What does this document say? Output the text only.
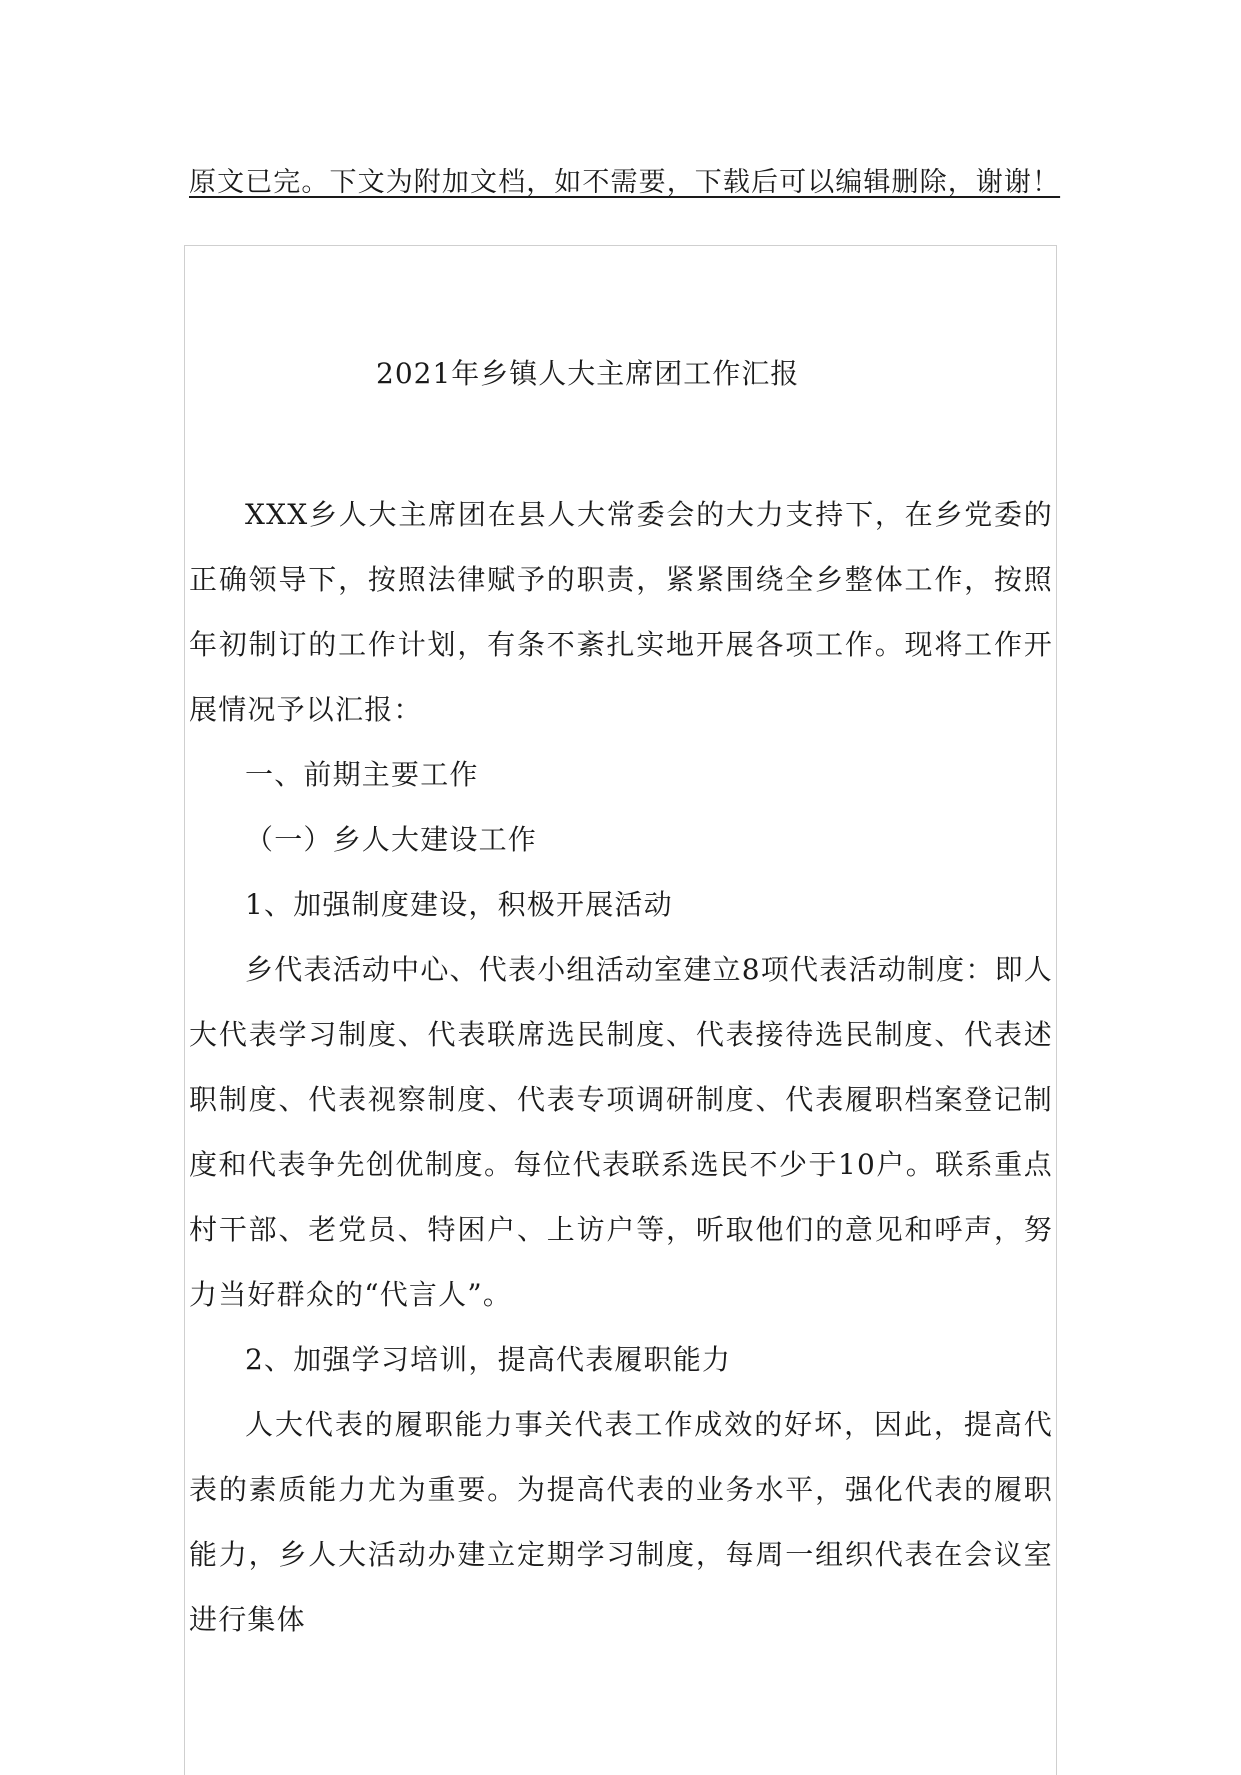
原文已完。下文为附加文档，如不需要，下载后可以编辑删除，谢谢！
2021年乡镇人大主席团工作汇报

XXX乡人大主席团在县人大常委会的大力支持下，在乡党委的正确领导下，按照法律赋予的职责，紧紧围绕全乡整体工作，按照年初制订的工作计划，有条不紊扎实地开展各项工作。现将工作开展情况予以汇报：

一、前期主要工作

（一）乡人大建设工作

1、加强制度建设，积极开展活动

乡代表活动中心、代表小组活动室建立8项代表活动制度：即人大代表学习制度、代表联席选民制度、代表接待选民制度、代表述职制度、代表视察制度、代表专项调研制度、代表履职档案登记制度和代表争先创优制度。每位代表联系选民不少于10户。联系重点村干部、老党员、特困户、上访户等，听取他们的意见和呼声，努力当好群众的“代言人”。

2、加强学习培训，提高代表履职能力

人大代表的履职能力事关代表工作成效的好坏，因此，提高代表的素质能力尤为重要。为提高代表的业务水平，强化代表的履职能力，乡人大活动办建立定期学习制度，每周一组织代表在会议室进行集体
